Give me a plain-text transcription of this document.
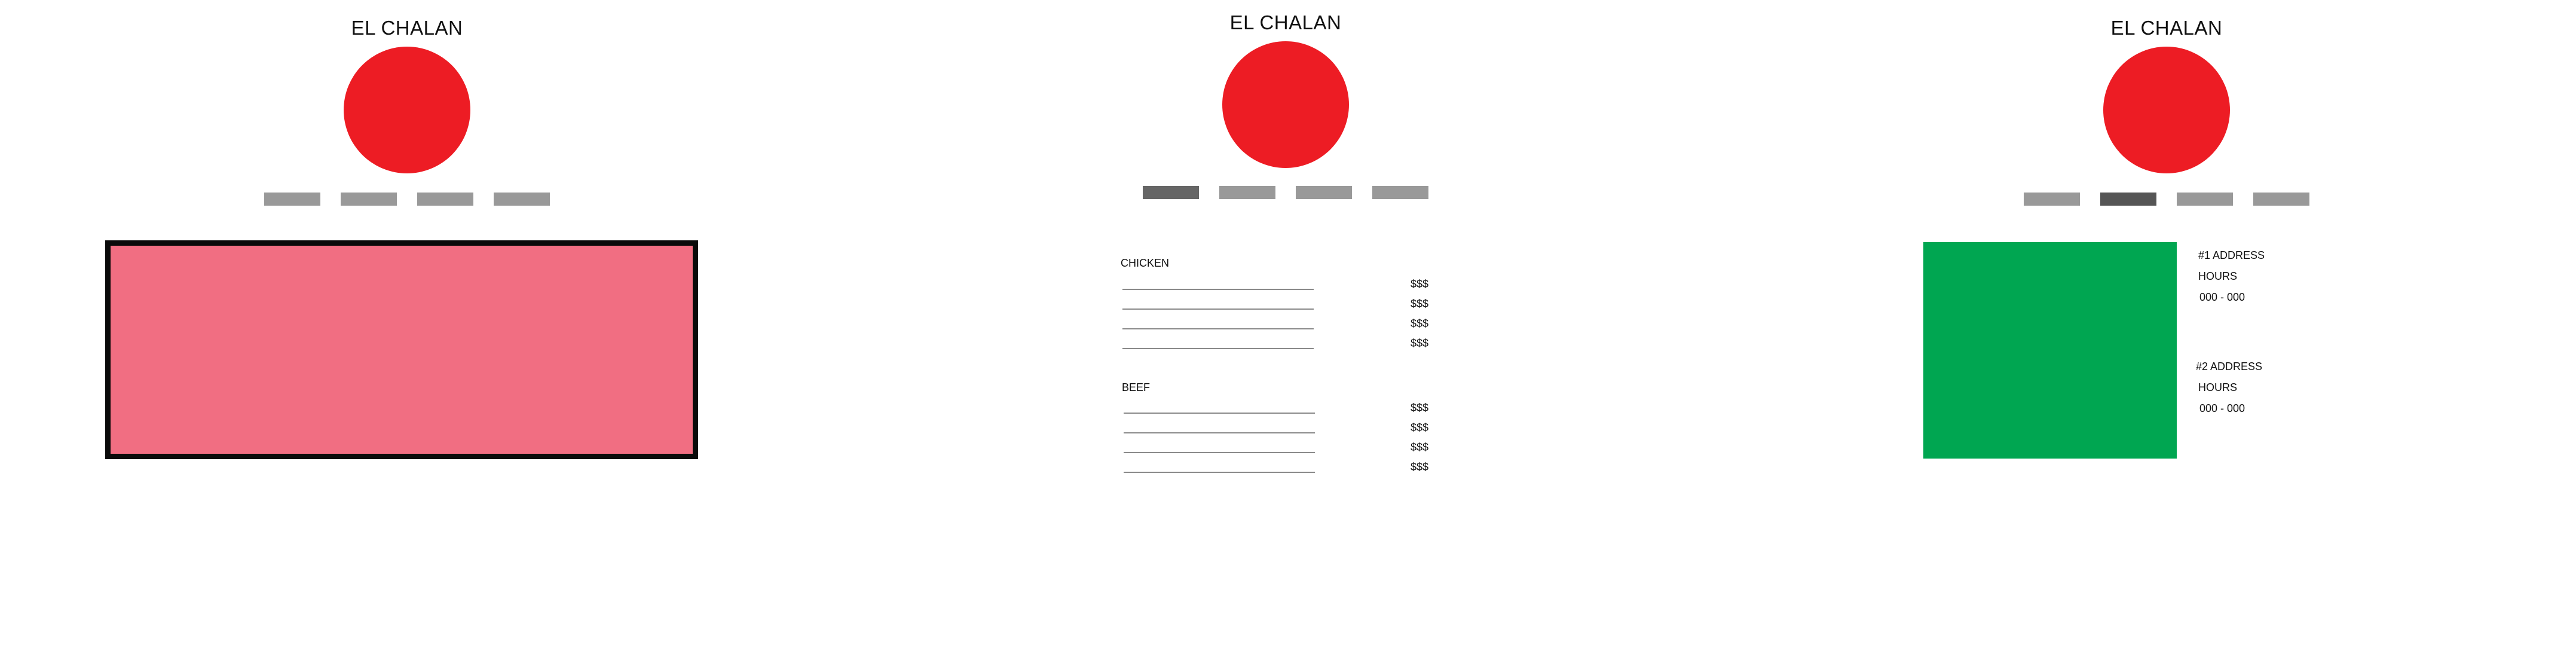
EL CHALAN	EL CHALAN
CHICKEN
$$$
$$$
$$$
$$$
BEEF
$$$
$$$
$$$
$$$
EL CHALAN
#1 ADDRESS
HOURS
000 - 000
#2 ADDRESS
HOURS
000 - 000
